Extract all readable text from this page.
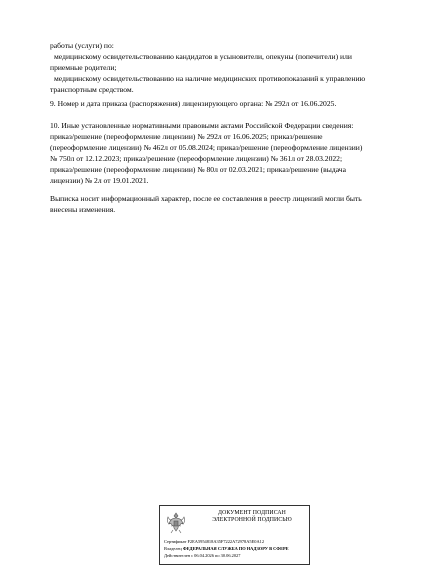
работы (услуги) по:

медицинскому освидетельствованию кандидатов в усыновители, опекуны (попечители) или

приемные родители;

медицинскому освидетельствованию на наличие медицинских противопоказаний к управлению

транспортным средством.

9. Номер и дата приказа (распоряжения) лицензирующего органа: № 292л от 16.06.2025.

10. Иные установленные нормативными правовыми актами Российской Федерации сведения:

приказ/решение (переоформление лицензии) № 292л от 16.06.2025; приказ/решение

(переоформление лицензии) № 462л от 05.08.2024; приказ/решение (переоформление лицензии)

№ 750л от 12.12.2023; приказ/решение (переоформление лицензии) № 361л от 28.03.2022;

приказ/решение (переоформление лицензии) № 80л от 02.03.2021; приказ/решение (выдача

лицензии) № 2л от 19.01.2021.

Выписка носит информационный характер, после ее составления в реестр лицензий могли быть

внесены изменения.

ДОКУМЕНТ ПОДПИСАН
ЭЛЕКТРОННОЙ ПОДПИСЬЮ
Сертификат F2EA5954818A35F7222A72978A5E0A12
Владелец ФЕДЕРАЛЬНАЯ СЛУЖБА ПО НАДЗОРУ В СФЕРЕ
Действителен с 06.04.2026 по 30.06.2027
